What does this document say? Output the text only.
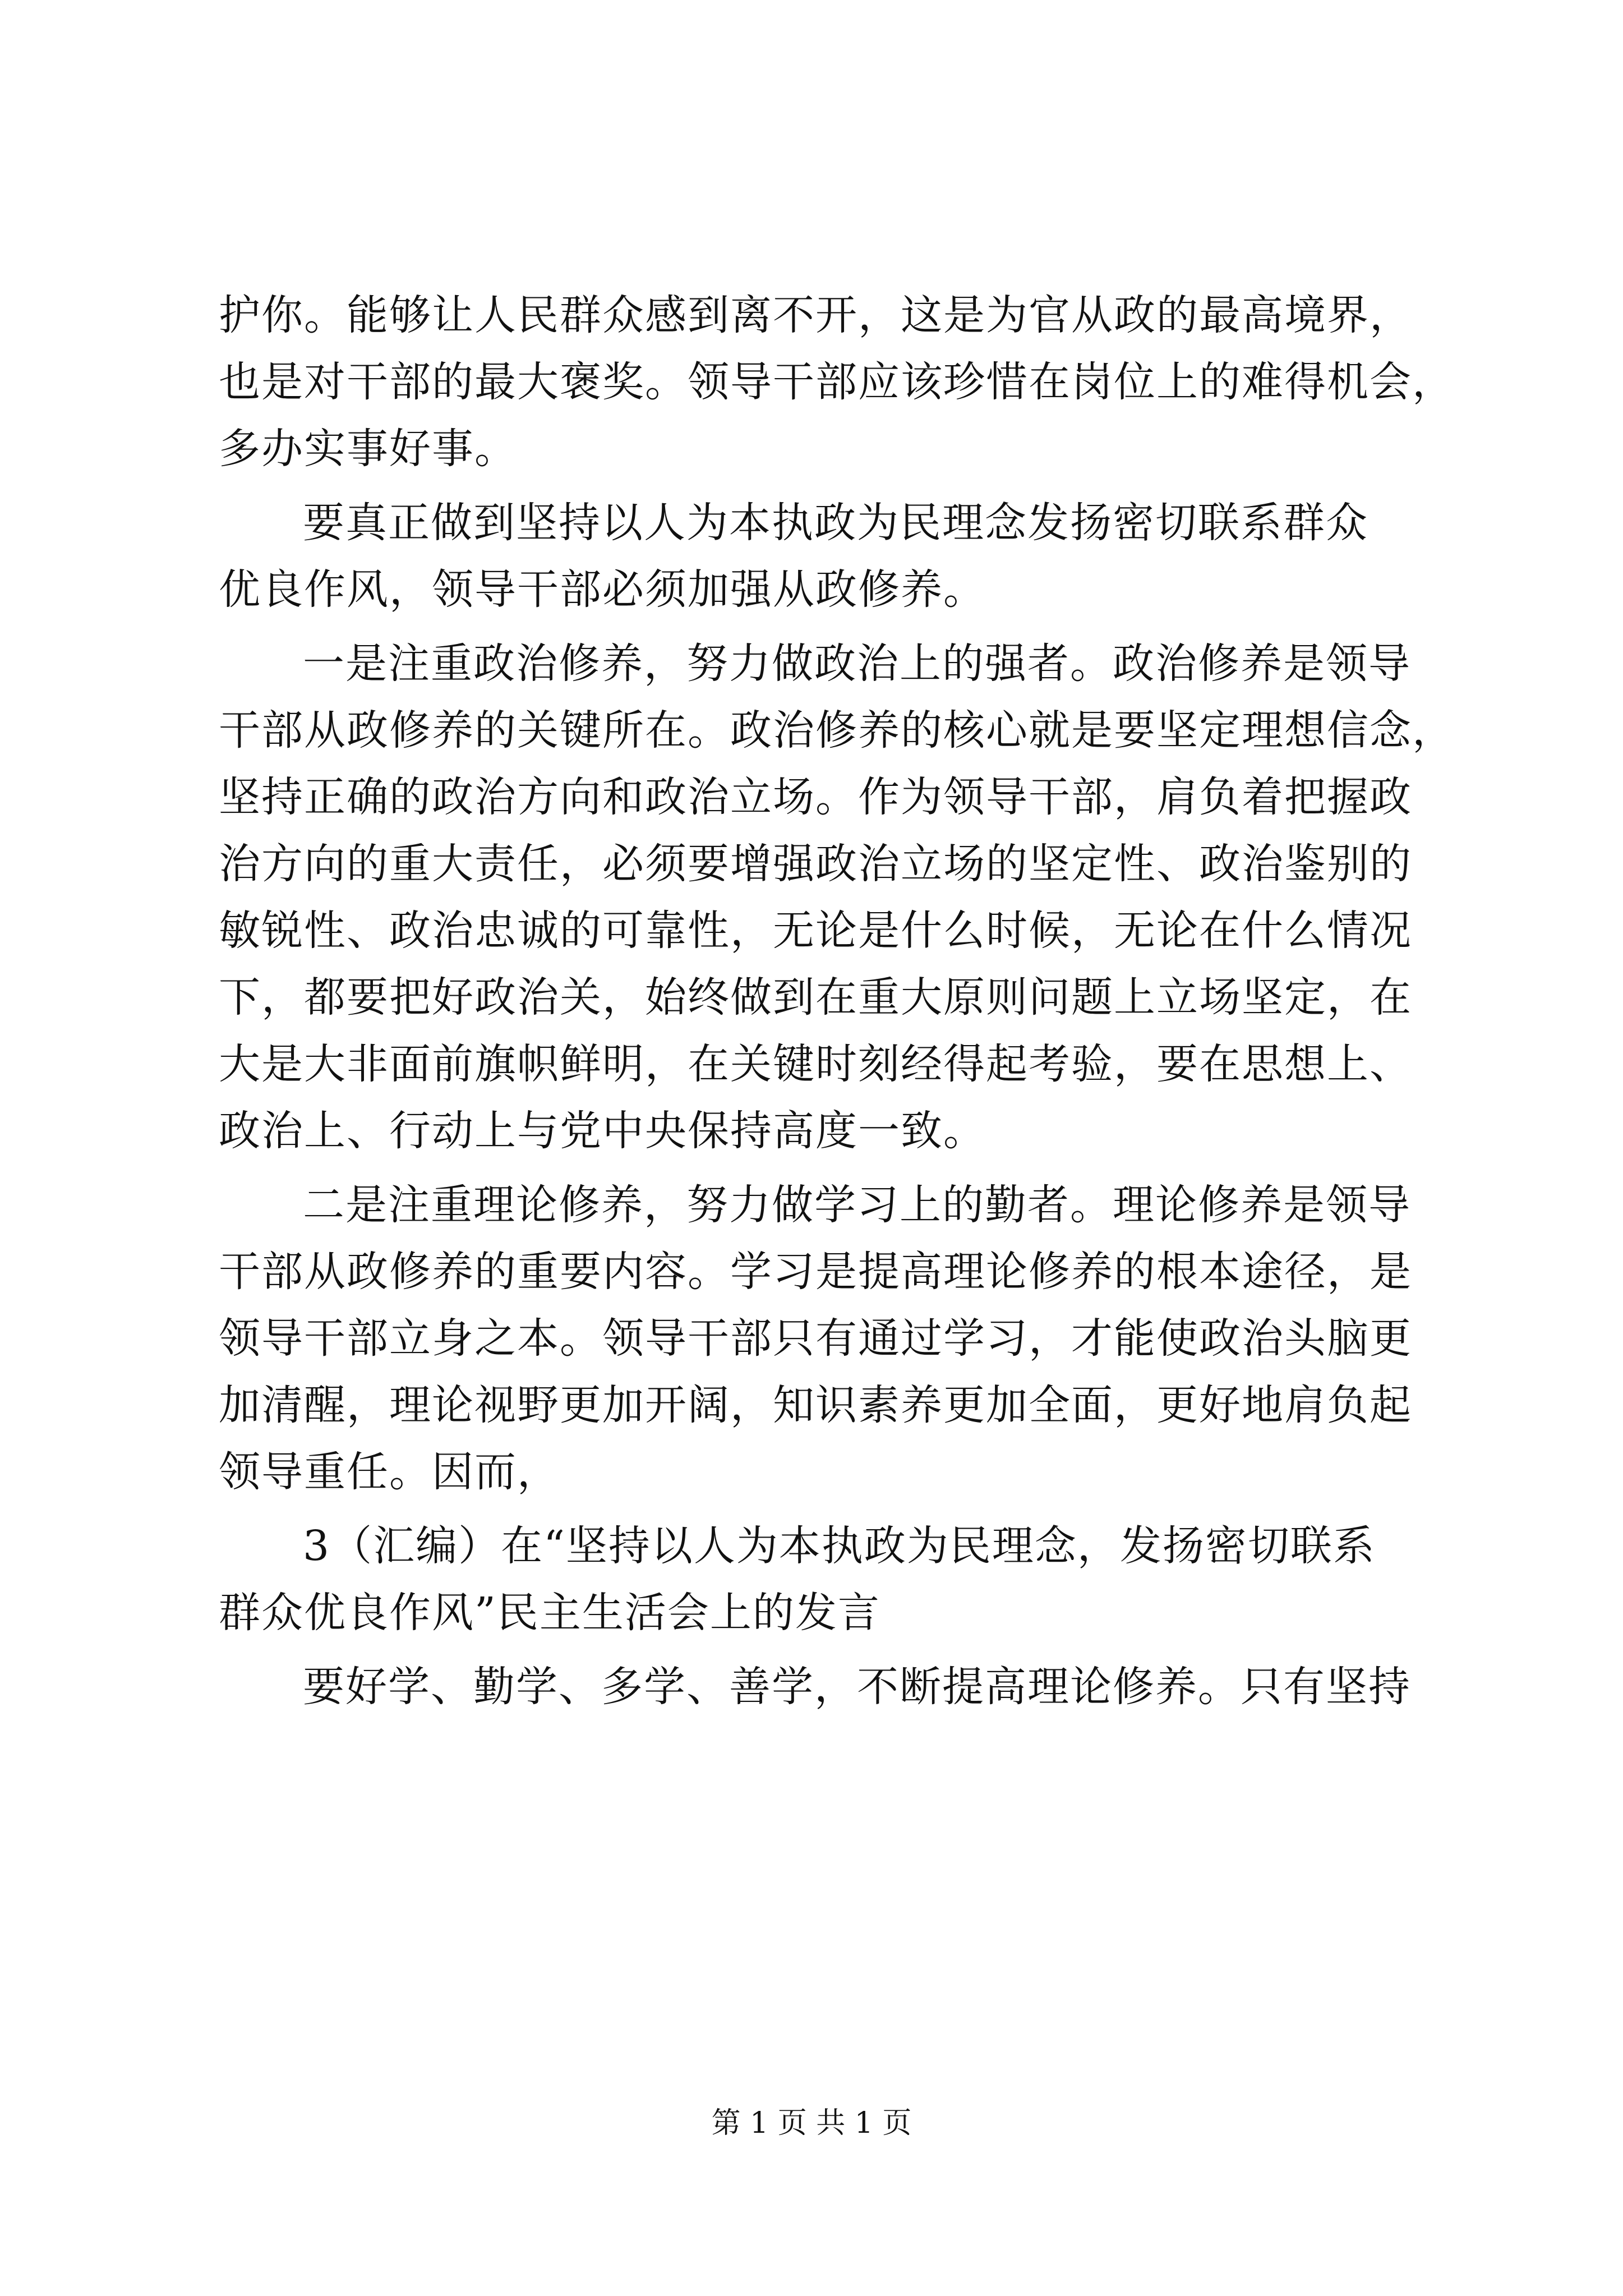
护你。能够让人民群众感到离不开，这是为官从政的最高境界，
也是对干部的最大褒奖。领导干部应该珍惜在岗位上的难得机会，
多办实事好事。
要真正做到坚持以人为本执政为民理念发扬密切联系群众
优良作风，领导干部必须加强从政修养。
一是注重政治修养，努力做政治上的强者。政治修养是领导
干部从政修养的关键所在。政治修养的核心就是要坚定理想信念，
坚持正确的政治方向和政治立场。作为领导干部，肩负着把握政
治方向的重大责任，必须要增强政治立场的坚定性、政治鉴别的
敏锐性、政治忠诚的可靠性，无论是什么时候，无论在什么情况
下，都要把好政治关，始终做到在重大原则问题上立场坚定，在
大是大非面前旗帜鲜明，在关键时刻经得起考验，要在思想上、
政治上、行动上与党中央保持高度一致。
二是注重理论修养，努力做学习上的勤者。理论修养是领导
干部从政修养的重要内容。学习是提高理论修养的根本途径，是
领导干部立身之本。领导干部只有通过学习，才能使政治头脑更
加清醒，理论视野更加开阔，知识素养更加全面，更好地肩负起
领导重任。因而，
3（汇编）在“坚持以人为本执政为民理念，发扬密切联系
群众优良作风”民主生活会上的发言
要好学、勤学、多学、善学，不断提高理论修养。只有坚持
第 1 页 共 1 页
